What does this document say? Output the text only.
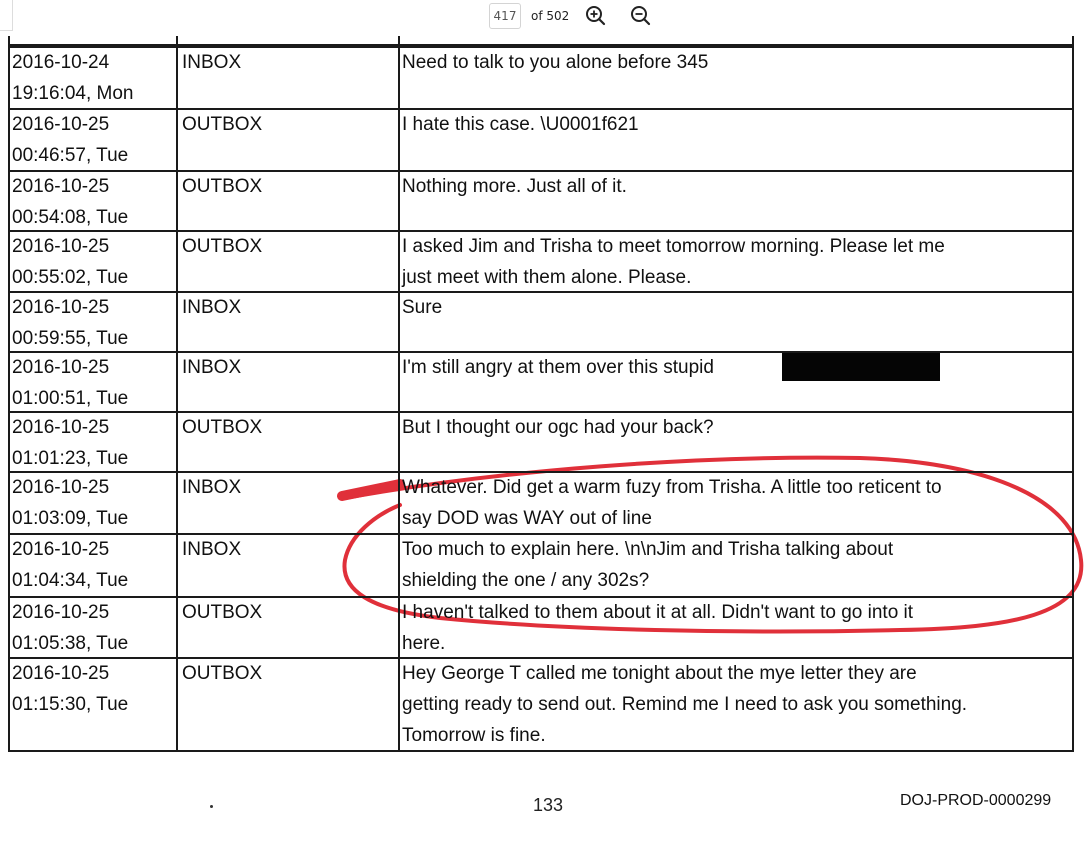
417
of 502
133	DOJ-PROD-0000299
2016-10-24
19:16:04, Mon
INBOX	Need to talk to you alone before 345
2016-10-25
00:46:57, Tue
OUTBOX	I hate this case. \U0001f621
2016-10-25
00:54:08, Tue
OUTBOX	Nothing more. Just all of it.
2016-10-25
00:55:02, Tue
OUTBOX	I asked Jim and Trisha to meet tomorrow morning. Please let me
just meet with them alone. Please.
2016-10-25
00:59:55, Tue
INBOX	Sure
2016-10-25
01:00:51, Tue
INBOX	I'm still angry at them over this stupid
2016-10-25
01:01:23, Tue
OUTBOX	But I thought our ogc had your back?
2016-10-25
01:03:09, Tue
INBOX	Whatever. Did get a warm fuzy from Trisha. A little too reticent to
say DOD was WAY out of line
2016-10-25
01:04:34, Tue
INBOX	Too much to explain here. \n\nJim and Trisha talking about
shielding the one / any 302s?
2016-10-25
01:05:38, Tue
OUTBOX	I haven't talked to them about it at all. Didn't want to go into it
here.
2016-10-25
01:15:30, Tue
OUTBOX	Hey George T called me tonight about the mye letter they are
getting ready to send out. Remind me I need to ask you something.
Tomorrow is fine.
